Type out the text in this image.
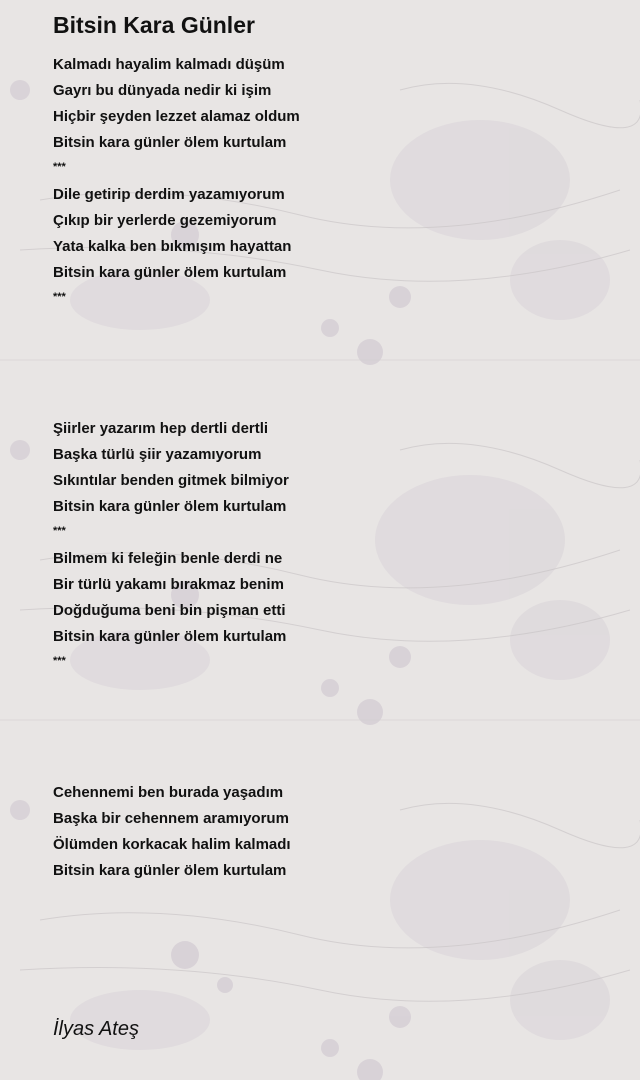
Bitsin Kara Günler
Kalmadı hayalim kalmadı düşüm
Gayrı bu dünyada nedir ki işim
Hiçbir şeyden lezzet alamaz oldum
Bitsin kara günler ölem kurtulam
***
Dile getirip derdim yazamıyorum
Çıkıp bir yerlerde gezemiyorum
Yata kalka ben bıkmışım hayattan
Bitsin kara günler ölem kurtulam
***
Şiirler yazarım hep dertli dertli
Başka türlü şiir yazamıyorum
Sıkıntılar benden gitmek bilmiyor
Bitsin kara günler ölem kurtulam
***
Bilmem ki feleğin benle derdi ne
Bir türlü yakamı bırakmaz benim
Doğduğuma beni bin pişman etti
Bitsin kara günler ölem kurtulam
***
Cehennemi ben burada yaşadım
Başka bir cehennem aramıyorum
Ölümden korkacak halim kalmadı
Bitsin kara günler ölem kurtulam
İlyas Ateş
